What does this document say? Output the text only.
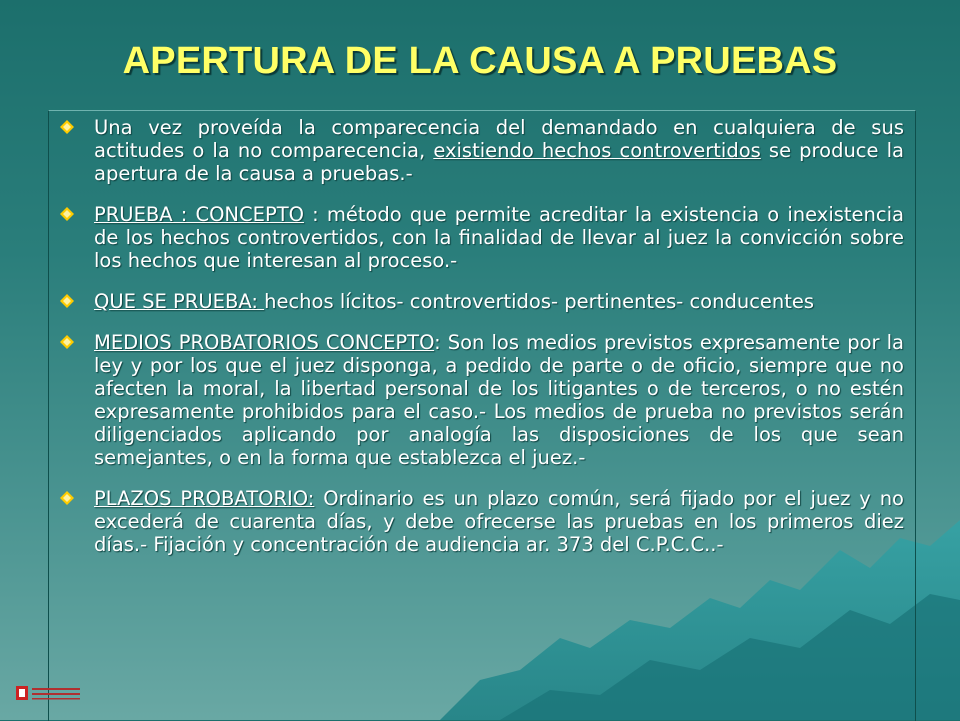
APERTURA DE LA CAUSA A PRUEBAS
Una vez proveída la comparecencia del demandado en cualquiera de sus actitudes o la no comparecencia, existiendo hechos controvertidos se produce la apertura de la causa a pruebas.-
PRUEBA : CONCEPTO : método que permite acreditar la existencia o inexistencia de los hechos controvertidos, con la finalidad de llevar al juez la convicción sobre los hechos que interesan al proceso.-
QUE SE PRUEBA: hechos lícitos- controvertidos- pertinentes- conducentes
MEDIOS PROBATORIOS CONCEPTO: Son los medios previstos expresamente por la ley y por los que el juez disponga, a pedido de parte o de oficio, siempre que no afecten la moral, la libertad personal de los litigantes o de terceros, o no estén expresamente prohibidos para el caso.- Los medios de prueba no previstos serán diligenciados aplicando por analogía las disposiciones de los que sean semejantes, o en la forma que establezca el juez.-
PLAZOS PROBATORIO: Ordinario es un plazo común, será fijado por el juez y no excederá de cuarenta días, y debe ofrecerse las pruebas en los primeros diez días.- Fijación y concentración de audiencia ar. 373 del C.P.C.C..-
